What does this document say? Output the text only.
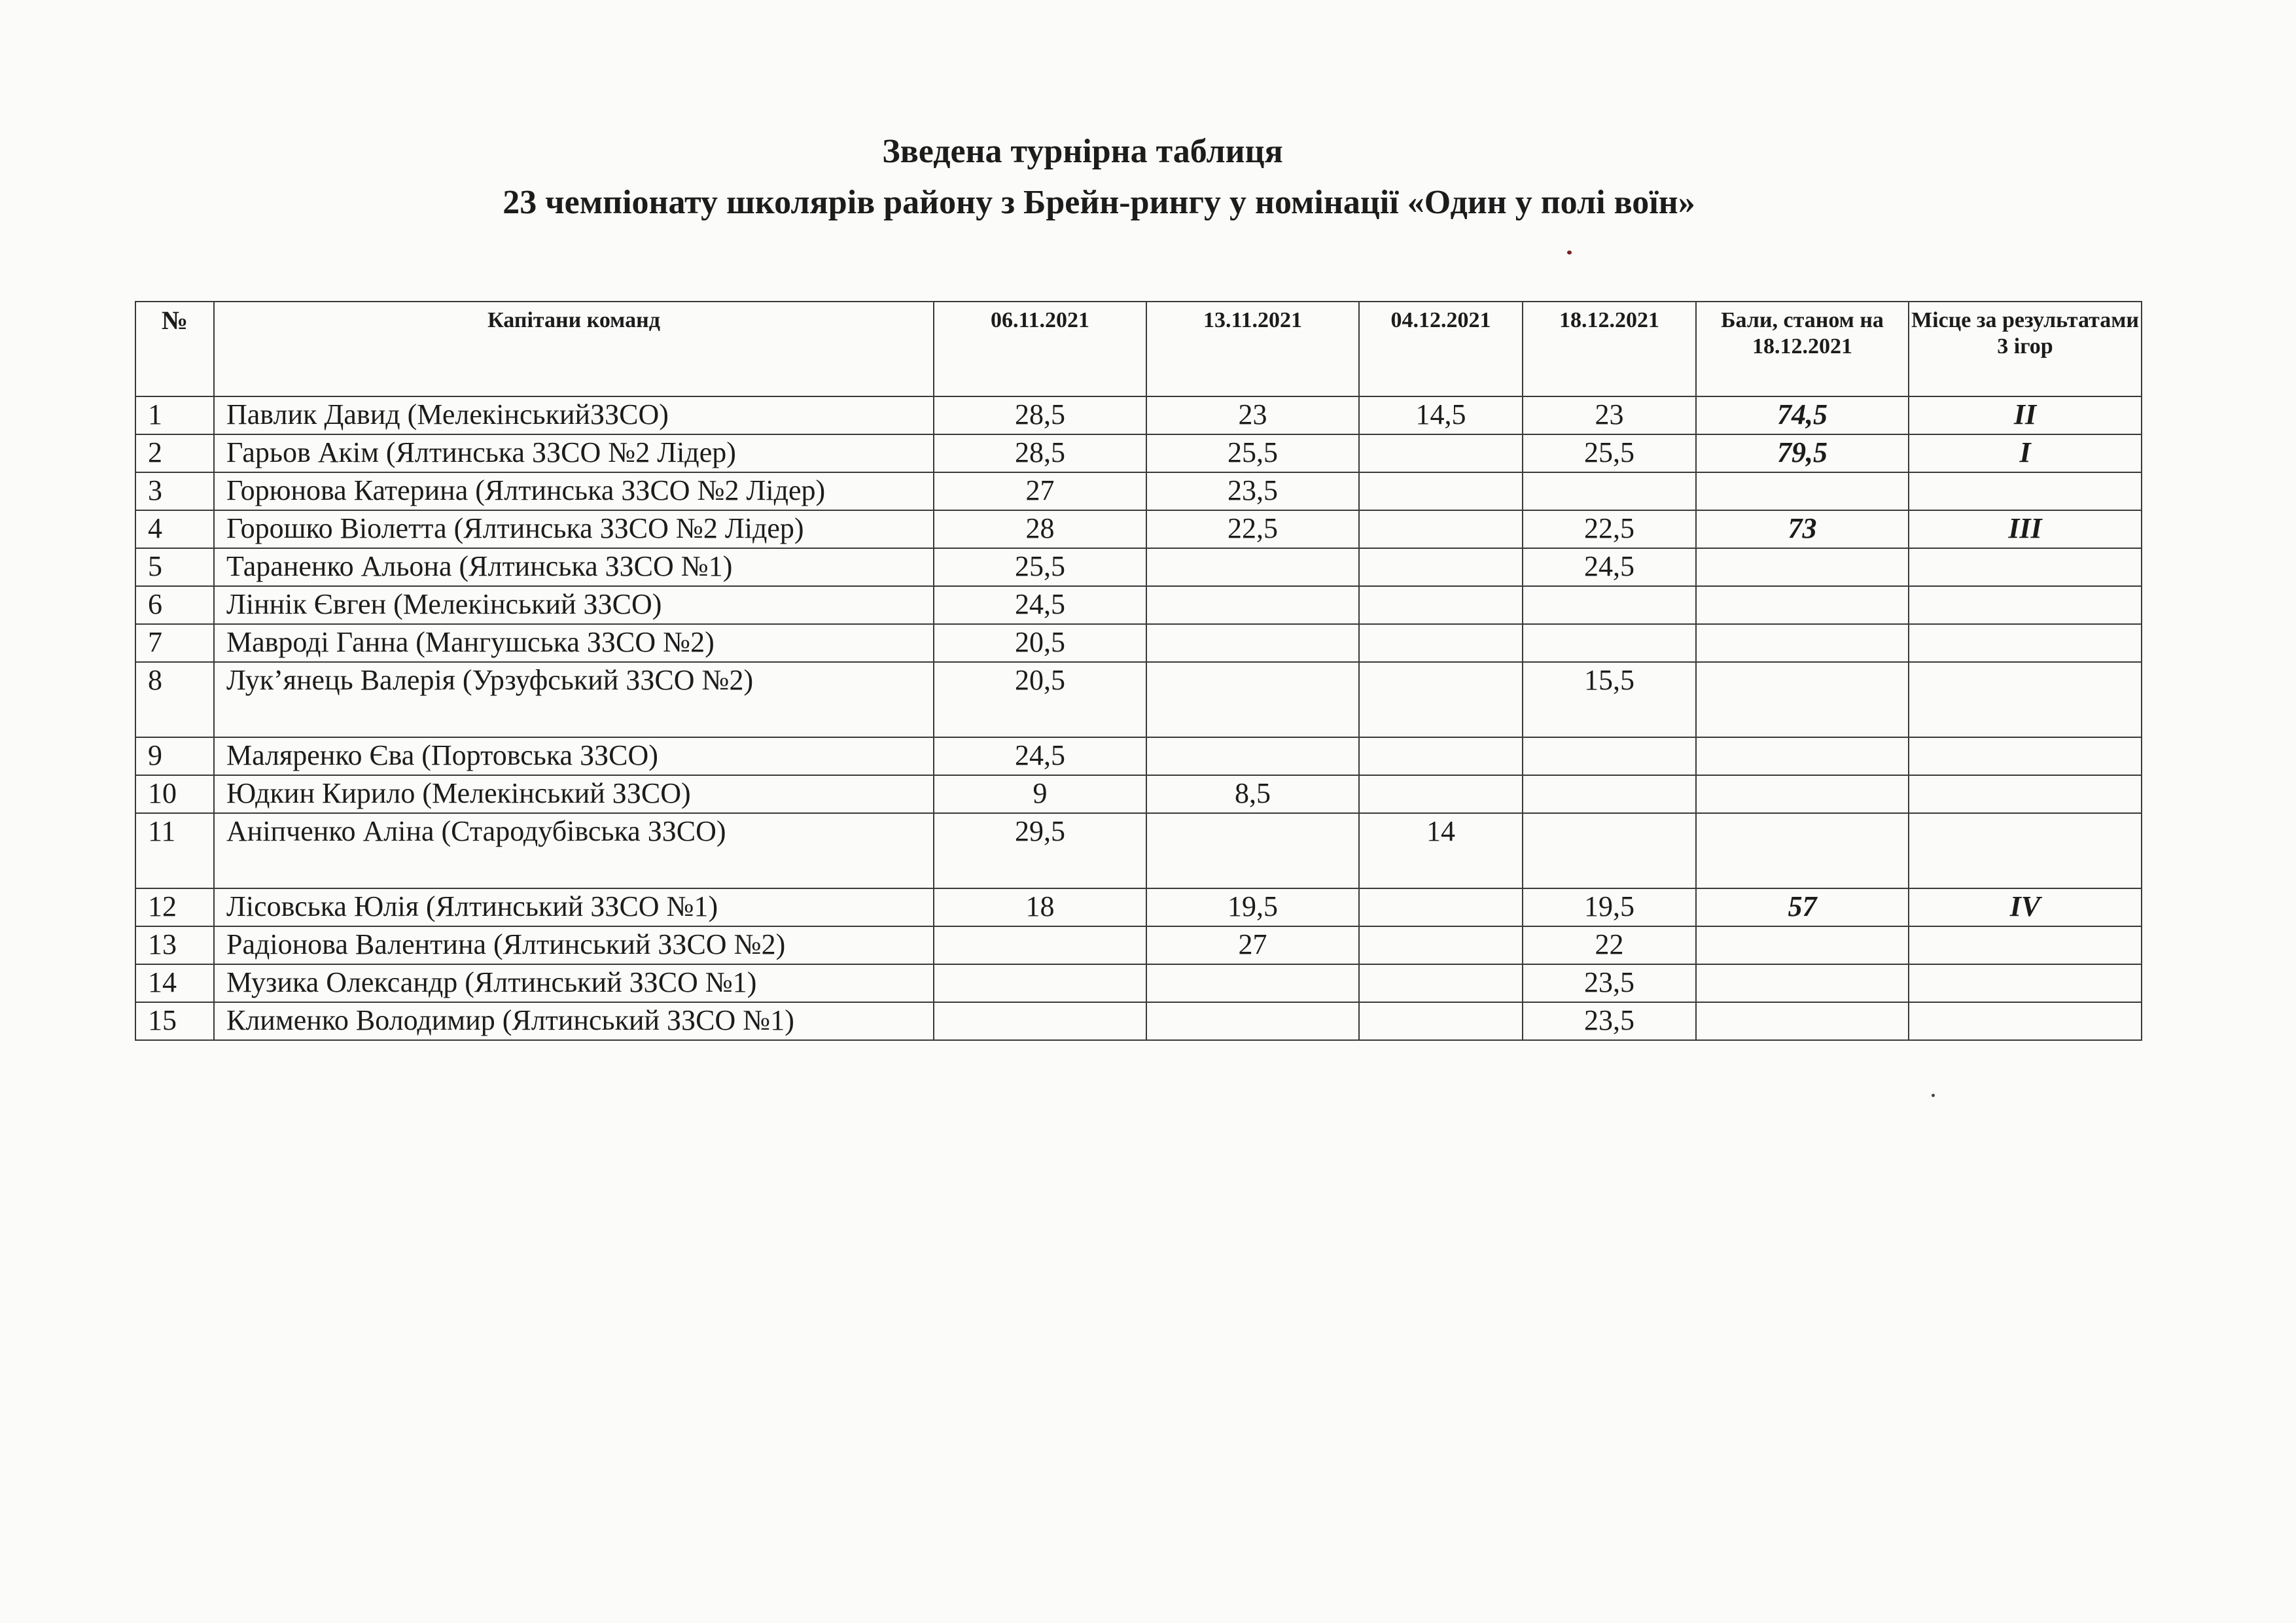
Зведена турнірна таблиця
23 чемпіонату школярів району з Брейн-рингу у номінації «Один у полі воїн»
№	Капітани команд	06.11.2021	13.11.2021	04.12.2021	18.12.2021	Бали, станом на 18.12.2021	Місце за результатами 3 ігор
1	Павлик Давид (МелекінськийЗЗСО)	28,5	23	14,5	23	74,5	II
2	Гарьов Акім (Ялтинська ЗЗСО №2 Лідер)	28,5	25,5		25,5	79,5	I
3	Горюнова Катерина (Ялтинська ЗЗСО №2 Лідер)	27	23,5				
4	Горошко Віолетта (Ялтинська ЗЗСО №2 Лідер)	28	22,5		22,5	73	III
5	Тараненко Альона (Ялтинська ЗЗСО №1)	25,5			24,5		
6	Ліннік Євген (Мелекінський ЗЗСО)	24,5					
7	Мавроді Ганна (Мангушська ЗЗСО №2)	20,5					
8	Лук’янець Валерія (Урзуфський ЗЗСО №2)	20,5			15,5		
9	Маляренко Єва (Портовська ЗЗСО)	24,5					
10	Юдкин Кирило (Мелекінський ЗЗСО)	9	8,5				
11	Аніпченко Аліна (Стародубівська ЗЗСО)	29,5		14			
12	Лісовська Юлія (Ялтинський ЗЗСО №1)	18	19,5		19,5	57	IV
13	Радіонова Валентина (Ялтинський ЗЗСО №2)		27		22		
14	Музика Олександр (Ялтинський ЗЗСО №1)				23,5		
15	Клименко Володимир (Ялтинський ЗЗСО №1)				23,5		
